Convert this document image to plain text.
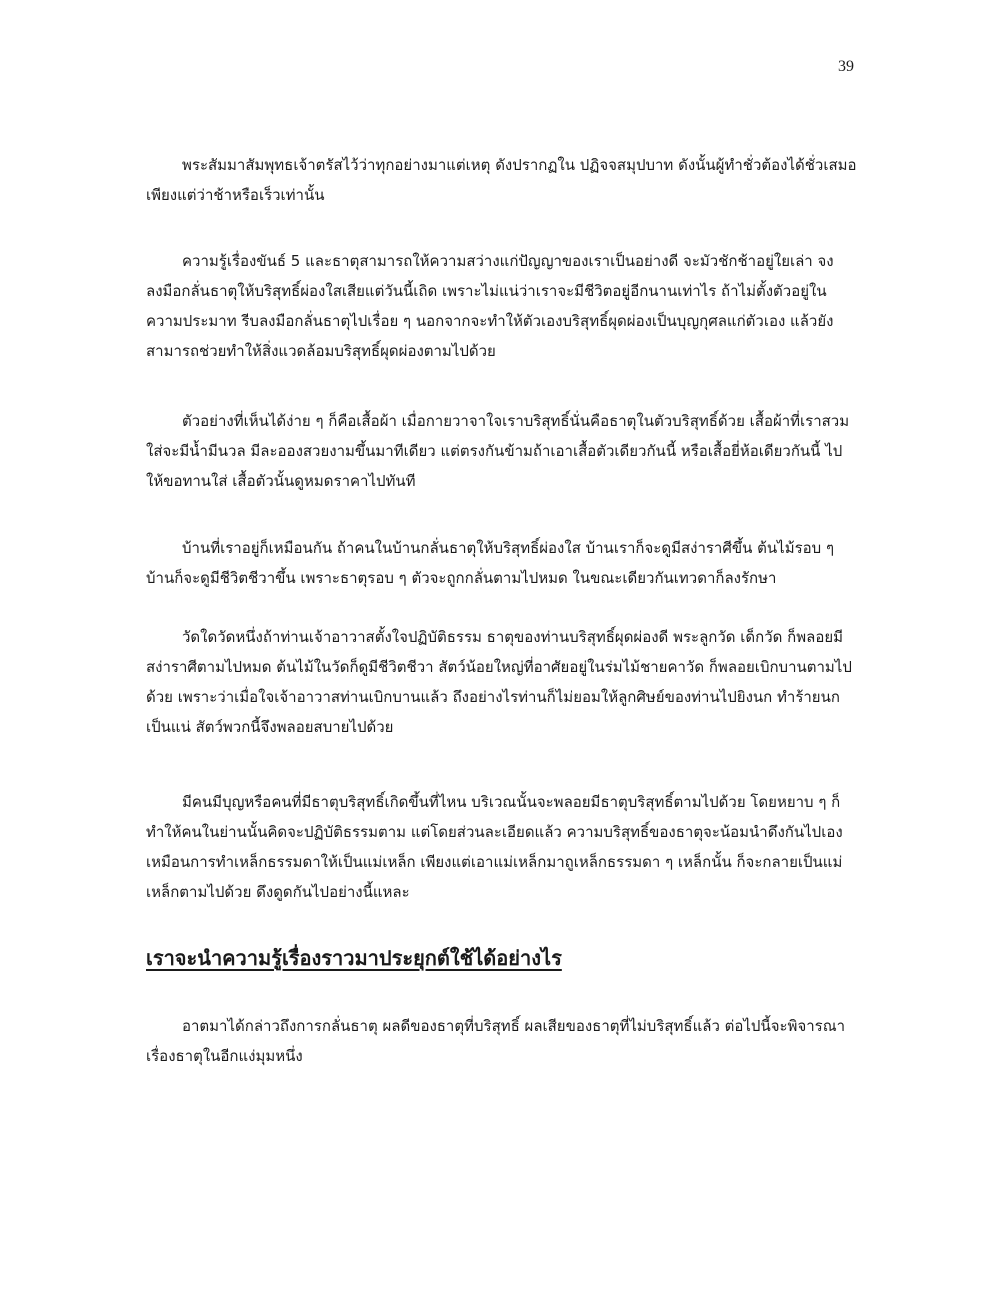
39

พระสัมมาสัมพุทธเจ้าตรัสไว้ว่าทุกอย่างมาแต่เหตุ ดังปรากฏใน ปฏิจจสมุปบาท ดังนั้นผู้ทำชั่วต้องได้ชั่วเสมอ เพียงแต่ว่าช้าหรือเร็วเท่านั้น

ความรู้เรื่องขันธ์ 5 และธาตุสามารถให้ความสว่างแก่ปัญญาของเราเป็นอย่างดี จะมัวชักช้าอยู่ใยเล่า จงลงมือกลั่นธาตุให้บริสุทธิ์ผ่องใสเสียแต่วันนี้เถิด เพราะไม่แน่ว่าเราจะมีชีวิตอยู่อีกนานเท่าไร ถ้าไม่ตั้งตัวอยู่ในความประมาท รีบลงมือกลั่นธาตุไปเรื่อย ๆ นอกจากจะทำให้ตัวเองบริสุทธิ์ผุดผ่องเป็นบุญกุศลแก่ตัวเอง แล้วยังสามารถช่วยทำให้สิ่งแวดล้อมบริสุทธิ์ผุดผ่องตามไปด้วย

ตัวอย่างที่เห็นได้ง่าย ๆ ก็คือเสื้อผ้า เมื่อกายวาจาใจเราบริสุทธิ์นั่นคือธาตุในตัวบริสุทธิ์ด้วย เสื้อผ้าที่เราสวมใส่จะมีน้ำมีนวล มีละอองสวยงามขึ้นมาทีเดียว แต่ตรงกันข้ามถ้าเอาเสื้อตัวเดียวกันนี้ หรือเสื้อยี่ห้อเดียวกันนี้ ไปให้ขอทานใส่ เสื้อตัวนั้นดูหมดราคาไปทันที

บ้านที่เราอยู่ก็เหมือนกัน ถ้าคนในบ้านกลั่นธาตุให้บริสุทธิ์ผ่องใส บ้านเราก็จะดูมีสง่าราศีขึ้น ต้นไม้รอบ ๆ บ้านก็จะดูมีชีวิตชีวาขึ้น เพราะธาตุรอบ ๆ ตัวจะถูกกลั่นตามไปหมด ในขณะเดียวกันเทวดาก็ลงรักษา

วัดใดวัดหนึ่งถ้าท่านเจ้าอาวาสตั้งใจปฏิบัติธรรม ธาตุของท่านบริสุทธิ์ผุดผ่องดี พระลูกวัด เด็กวัด ก็พลอยมีสง่าราศีตามไปหมด ต้นไม้ในวัดก็ดูมีชีวิตชีวา สัตว์น้อยใหญ่ที่อาศัยอยู่ในร่มไม้ชายคาวัด ก็พลอยเบิกบานตามไปด้วย เพราะว่าเมื่อใจเจ้าอาวาสท่านเบิกบานแล้ว ถึงอย่างไรท่านก็ไม่ยอมให้ลูกศิษย์ของท่านไปยิงนก ทำร้ายนกเป็นแน่ สัตว์พวกนี้จึงพลอยสบายไปด้วย

มีคนมีบุญหรือคนที่มีธาตุบริสุทธิ์เกิดขึ้นที่ไหน บริเวณนั้นจะพลอยมีธาตุบริสุทธิ์ตามไปด้วย โดยหยาบ ๆ ก็ทำให้คนในย่านนั้นคิดจะปฏิบัติธรรมตาม แต่โดยส่วนละเอียดแล้ว ความบริสุทธิ์ของธาตุจะน้อมนำดึงกันไปเองเหมือนการทำเหล็กธรรมดาให้เป็นแม่เหล็ก เพียงแต่เอาแม่เหล็กมาถูเหล็กธรรมดา ๆ เหล็กนั้น ก็จะกลายเป็นแม่เหล็กตามไปด้วย ดึงดูดกันไปอย่างนี้แหละ

เราจะนำความรู้เรื่องราวมาประยุกต์ใช้ได้อย่างไร

อาตมาได้กล่าวถึงการกลั่นธาตุ ผลดีของธาตุที่บริสุทธิ์ ผลเสียของธาตุที่ไม่บริสุทธิ์แล้ว ต่อไปนี้จะพิจารณาเรื่องธาตุในอีกแง่มุมหนึ่ง
